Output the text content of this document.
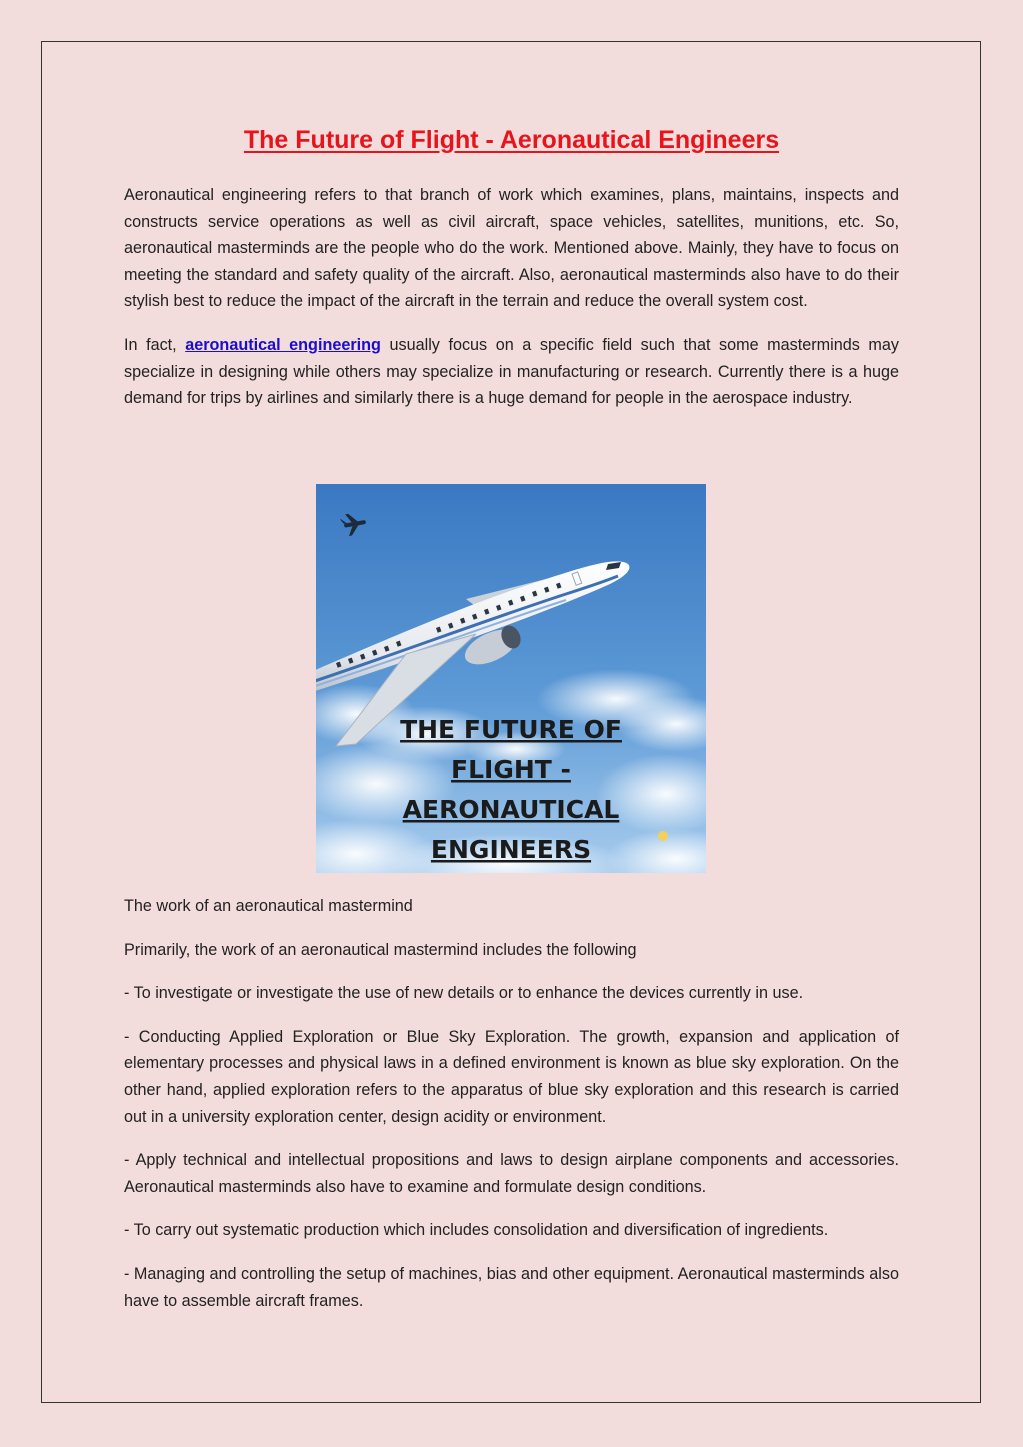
The Future of Flight - Aeronautical Engineers

Aeronautical engineering refers to that branch of work which examines, plans, maintains, inspects and constructs service operations as well as civil aircraft, space vehicles, satellites, munitions, etc. So, aeronautical masterminds are the people who do the work. Mentioned above. Mainly, they have to focus on meeting the standard and safety quality of the aircraft. Also, aeronautical masterminds also have to do their stylish best to reduce the impact of the aircraft in the terrain and reduce the overall system cost.

In fact, aeronautical engineering usually focus on a specific field such that some masterminds may specialize in designing while others may specialize in manufacturing or research. Currently there is a huge demand for trips by airlines and similarly there is a huge demand for people in the aerospace industry.

THE FUTURE OF
FLIGHT -
AERONAUTICAL
ENGINEERS

The work of an aeronautical mastermind

Primarily, the work of an aeronautical mastermind includes the following

- To investigate or investigate the use of new details or to enhance the devices currently in use.

- Conducting Applied Exploration or Blue Sky Exploration. The growth, expansion and application of elementary processes and physical laws in a defined environment is known as blue sky exploration. On the other hand, applied exploration refers to the apparatus of blue sky exploration and this research is carried out in a university exploration center, design acidity or environment.

- Apply technical and intellectual propositions and laws to design airplane components and accessories. Aeronautical masterminds also have to examine and formulate design conditions.

- To carry out systematic production which includes consolidation and diversification of ingredients.

- Managing and controlling the setup of machines, bias and other equipment. Aeronautical masterminds also have to assemble aircraft frames.
